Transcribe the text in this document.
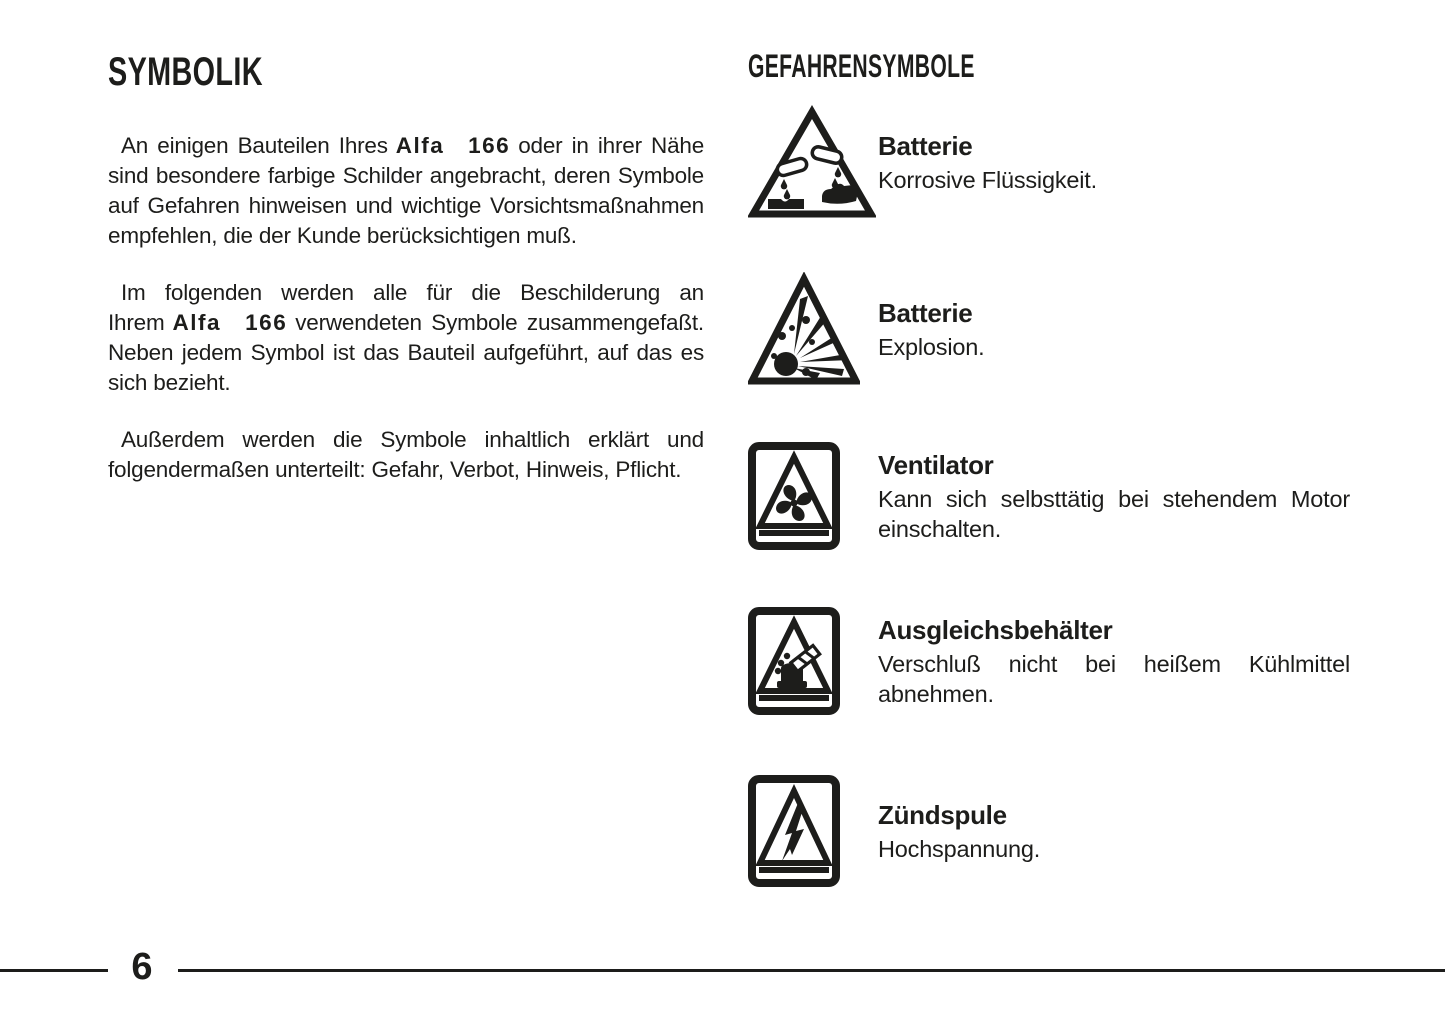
SYMBOLIK

An einigen Bauteilen Ihres Alfa 166 oder in ihrer Nähe sind besondere farbige Schilder angebracht, deren Symbole auf Gefahren hinweisen und wichtige Vorsichtsmaßnahmen empfehlen, die der Kunde berücksichtigen muß.

Im folgenden werden alle für die Beschilderung an Ihrem Alfa 166 verwendeten Symbole zusammengefaßt. Neben jedem Symbol ist das Bauteil aufgeführt, auf das es sich bezieht.

Außerdem werden die Symbole inhaltlich erklärt und folgendermaßen unterteilt: Gefahr, Verbot, Hinweis, Pflicht.

GEFAHRENSYMBOLE
Batterie
Korrosive Flüssigkeit.
Batterie
Explosion.
Ventilator
Kann sich selbsttätig bei stehendem Motor einschalten.
Ausgleichsbehälter
Verschluß nicht bei heißem Kühlmittel abnehmen.
Zündspule
Hochspannung.
6
